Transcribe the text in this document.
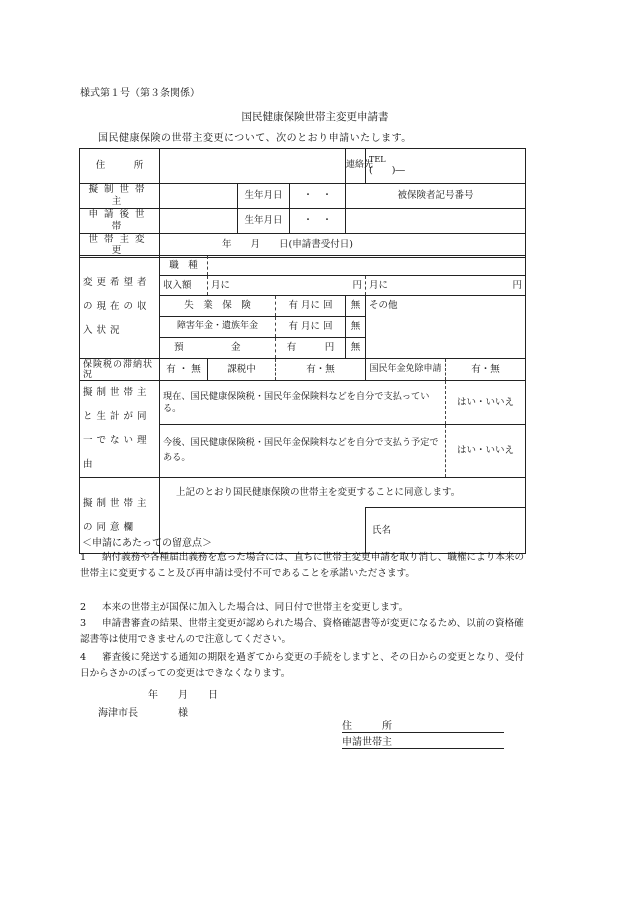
様式第１号（第３条関係）
国民健康保険世帯主変更申請書
国民健康保険の世帯主変更について、次のとおり申請いたします。
住　　　所				連絡先	TEL
(　　)―

擬制世帯主		生年月日	・　・	被保険者記号番号	
申請後世帯		生年月日	・　・		
世帯主変更	年　　月　　日(申請書受付日)				
変更希望者の現在の収入状況	職　種					
	収入額	月に	円		月に	円
	失　業　保　険		有 月に 回	無	その他	
	障害年金・遺族年金		有 月に 回	無		
	預　　　　　金		有　　　円	無		
保険税の滞納状況	有 ・ 無	課税中	有・無		国民年金免除申請	有・無
擬制世帯主と生計が同一でない理由	現在、国民健康保険税・国民年金保険料などを自分で支払っている。					はい・いいえ
	今後、国民健康保険税・国民年金保険料などを自分で支払う予定である。					はい・いいえ
擬制世帯主の同意欄	上記のとおり国民健康保険の世帯主を変更することに同意します。					
					氏名	
＜申請にあたっての留意点＞
1 納付義務や各種届出義務を怠った場合には、直ちに世帯主変更申請を取り消し、職権により本来の世帯主に変更すること及び再申請は受付不可であることを承諾いたださます。
2 本来の世帯主が国保に加入した場合は、同日付で世帯主を変更します。
3 申請書審査の結果、世帯主変更が認められた場合、資格確認書等が変更になるため、以前の資格確認書等は使用できませんので注意してください。
4 審査後に発送する通知の期限を過ぎてから変更の手続をしますと、その日からの変更となり、受付日からさかのぼっての変更はできなくなります。
年　　月　　日
海津市長　　　　様
住　　　所
申請世帯主
